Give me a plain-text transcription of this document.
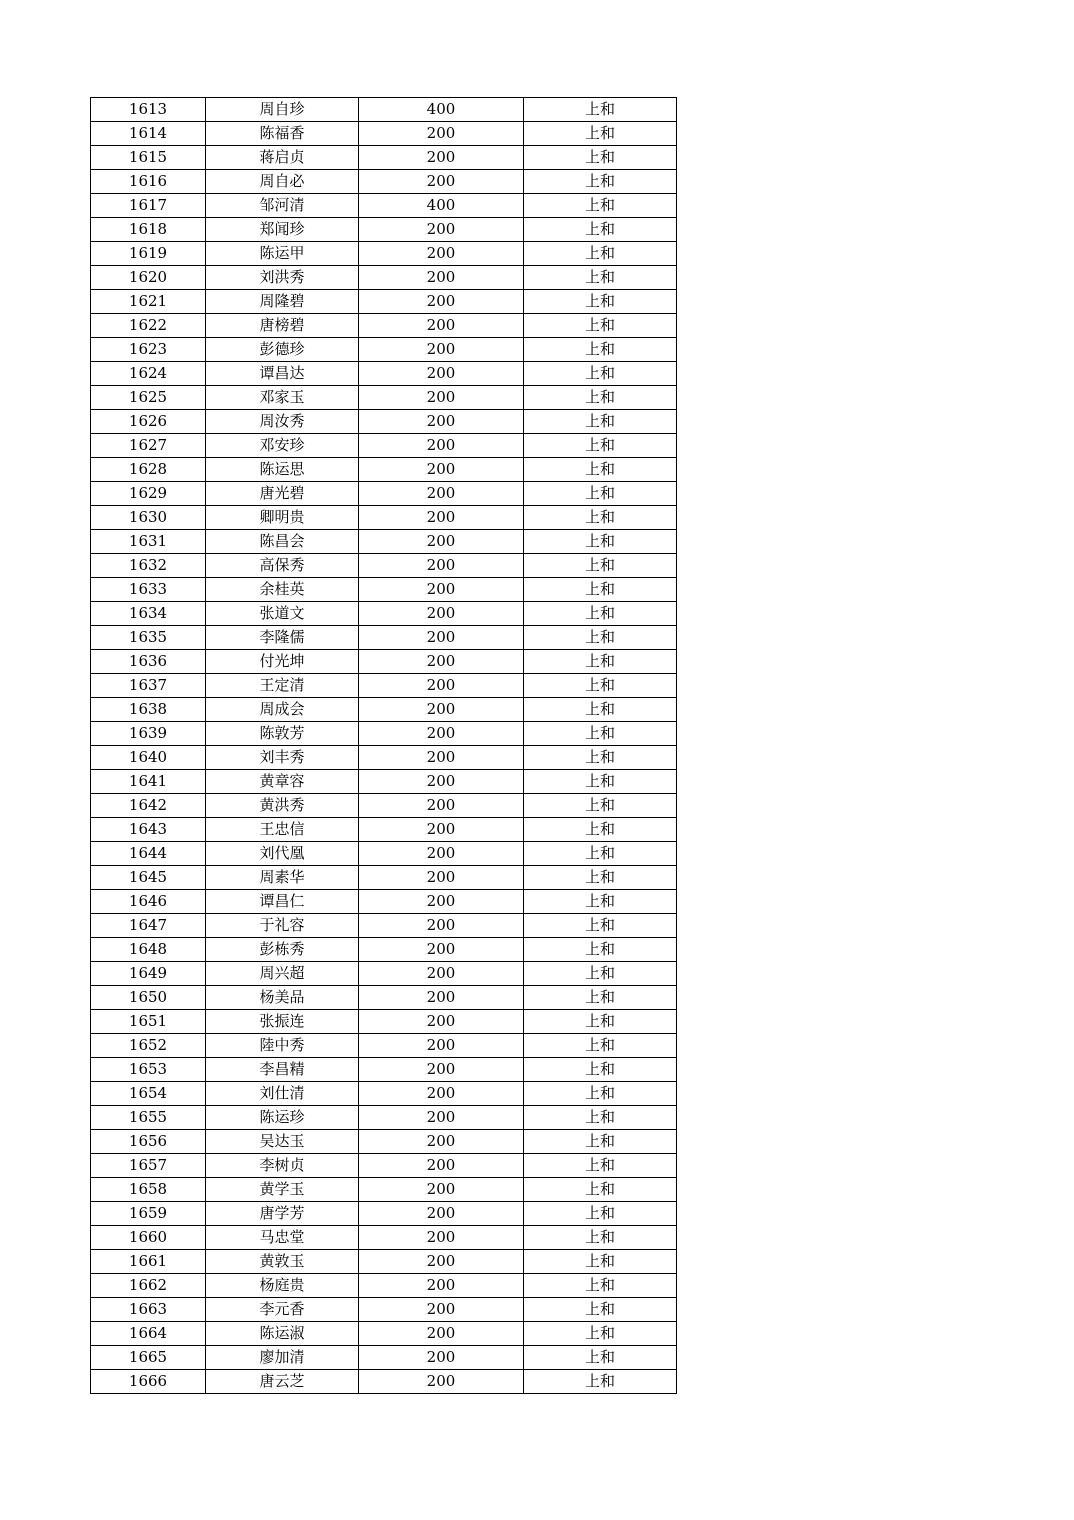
1613	周自珍	400	上和
1614	陈福香	200	上和
1615	蒋启贞	200	上和
1616	周自必	200	上和
1617	邹河清	400	上和
1618	郑闻珍	200	上和
1619	陈运甲	200	上和
1620	刘洪秀	200	上和
1621	周隆碧	200	上和
1622	唐榜碧	200	上和
1623	彭德珍	200	上和
1624	谭昌达	200	上和
1625	邓家玉	200	上和
1626	周汝秀	200	上和
1627	邓安珍	200	上和
1628	陈运思	200	上和
1629	唐光碧	200	上和
1630	卿明贵	200	上和
1631	陈昌会	200	上和
1632	高保秀	200	上和
1633	余桂英	200	上和
1634	张道文	200	上和
1635	李隆儒	200	上和
1636	付光坤	200	上和
1637	王定清	200	上和
1638	周成会	200	上和
1639	陈敦芳	200	上和
1640	刘丰秀	200	上和
1641	黄章容	200	上和
1642	黄洪秀	200	上和
1643	王忠信	200	上和
1644	刘代凰	200	上和
1645	周素华	200	上和
1646	谭昌仁	200	上和
1647	于礼容	200	上和
1648	彭栋秀	200	上和
1649	周兴超	200	上和
1650	杨美品	200	上和
1651	张振连	200	上和
1652	陸中秀	200	上和
1653	李昌精	200	上和
1654	刘仕清	200	上和
1655	陈运珍	200	上和
1656	吴达玉	200	上和
1657	李树贞	200	上和
1658	黄学玉	200	上和
1659	唐学芳	200	上和
1660	马忠堂	200	上和
1661	黄敦玉	200	上和
1662	杨庭贵	200	上和
1663	李元香	200	上和
1664	陈运淑	200	上和
1665	廖加清	200	上和
1666	唐云芝	200	上和
